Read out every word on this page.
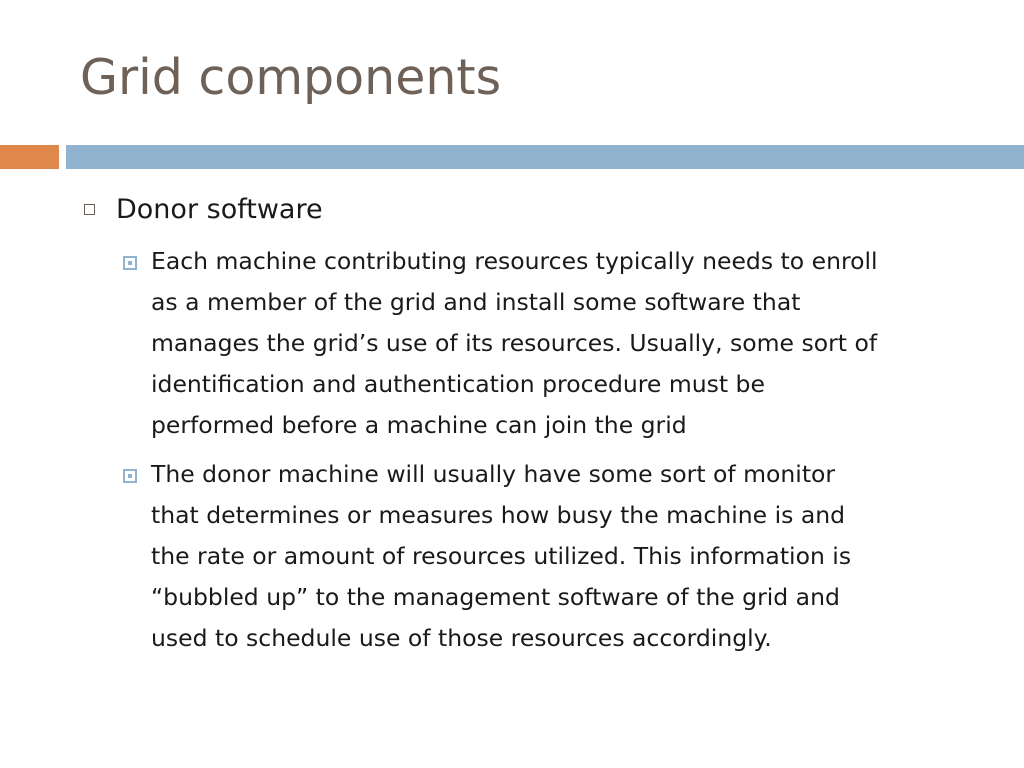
Grid components
Donor software
Each machine contributing resources typically needs to enroll
as a member of the grid and install some software that
manages the grid’s use of its resources. Usually, some sort of
identification and authentication procedure must be
performed before a machine can join the grid
The donor machine will usually have some sort of monitor
that determines or measures how busy the machine is and
the rate or amount of resources utilized. This information is
“bubbled up” to the management software of the grid and
used to schedule use of those resources accordingly.
